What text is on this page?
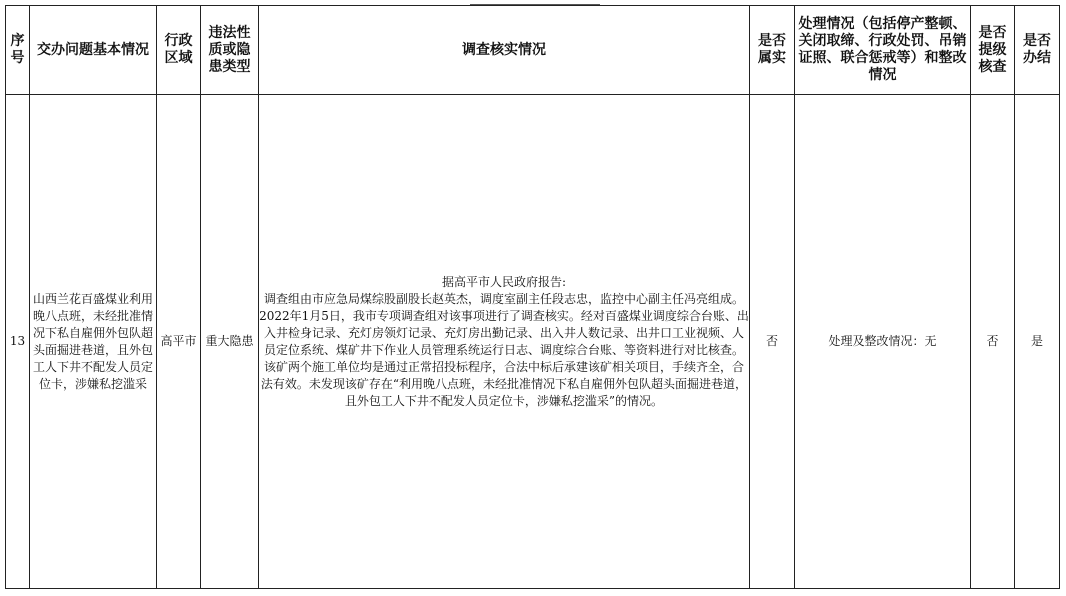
序号	交办问题基本情况	行政区域	违法性质或隐患类型	调查核实情况	是否属实	处理情况（包括停产整顿、关闭取缔、行政处罚、吊销证照、联合惩戒等）和整改情况	是否提级核查	是否办结
13	山西兰花百盛煤业利用晚八点班，未经批准情况下私自雇佣外包队超头面掘进巷道，且外包工人下井不配发人员定位卡，涉嫌私挖滥采	高平市	重大隐患	据高平市人民政府报告:
调查组由市应急局煤综股副股长赵英杰，调度室副主任段志忠，监控中心副主任冯亮组成。2022年1月5日，我市专项调查组对该事项进行了调查核实。经对百盛煤业调度综合台账、出入井检身记录、充灯房领灯记录、充灯房出勤记录、出入井人数记录、出井口工业视频、人员定位系统、煤矿井下作业人员管理系统运行日志、调度综合台账、等资料进行对比核查。该矿两个施工单位均是通过正常招投标程序，合法中标后承建该矿相关项目，手续齐全，合法有效。未发现该矿存在“利用晚八点班，未经批准情况下私自雇佣外包队超头面掘进巷道，且外包工人下井不配发人员定位卡，涉嫌私挖滥采”的情况。	否	处理及整改情况：无	否	是
